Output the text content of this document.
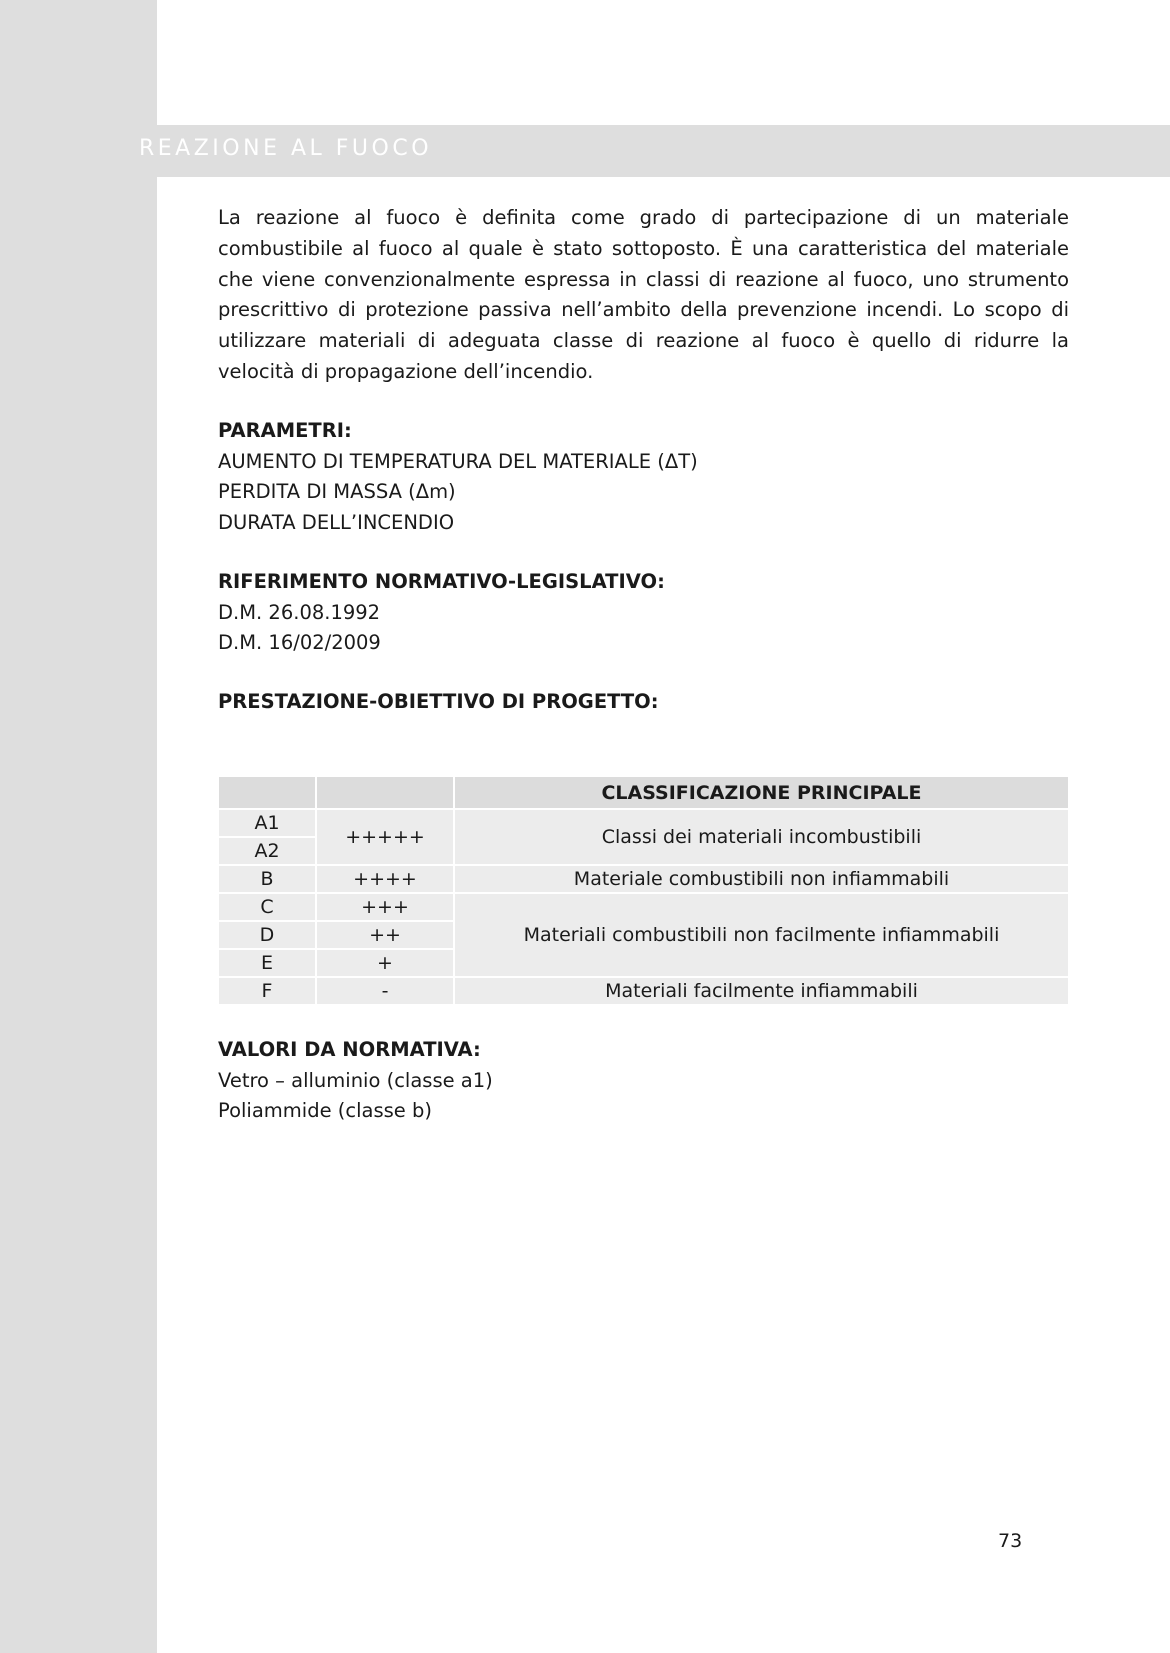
REAZIONE AL FUOCO

La reazione al fuoco è definita come grado di partecipazione di un materiale combustibile al fuoco al quale è stato sottoposto. È una caratteristica del materiale che viene convenzionalmente espressa in classi di reazione al fuoco, uno strumento prescrittivo di protezione passiva nell’ambito della prevenzione incendi. Lo scopo di utilizzare materiali di adeguata classe di reazione al fuoco è quello di ridurre la velocità di propagazione dell’incendio.

PARAMETRI:

AUMENTO DI TEMPERATURA DEL MATERIALE (ΔT)

PERDITA DI MASSA (Δm)

DURATA DELL’INCENDIO

RIFERIMENTO NORMATIVO-LEGISLATIVO:

D.M. 26.08.1992

D.M. 16/02/2009

PRESTAZIONE-OBIETTIVO DI PROGETTO:

		CLASSIFICAZIONE PRINCIPALE
A1	+++++	Classi dei materiali incombustibili
A2		
B	++++	Materiale combustibili non infiammabili
C	+++	Materiali combustibili non facilmente infiammabili
D	++	
E	+	
F	-	Materiali facilmente infiammabili

VALORI DA NORMATIVA:

Vetro – alluminio (classe a1)

Poliammide (classe b)

73
